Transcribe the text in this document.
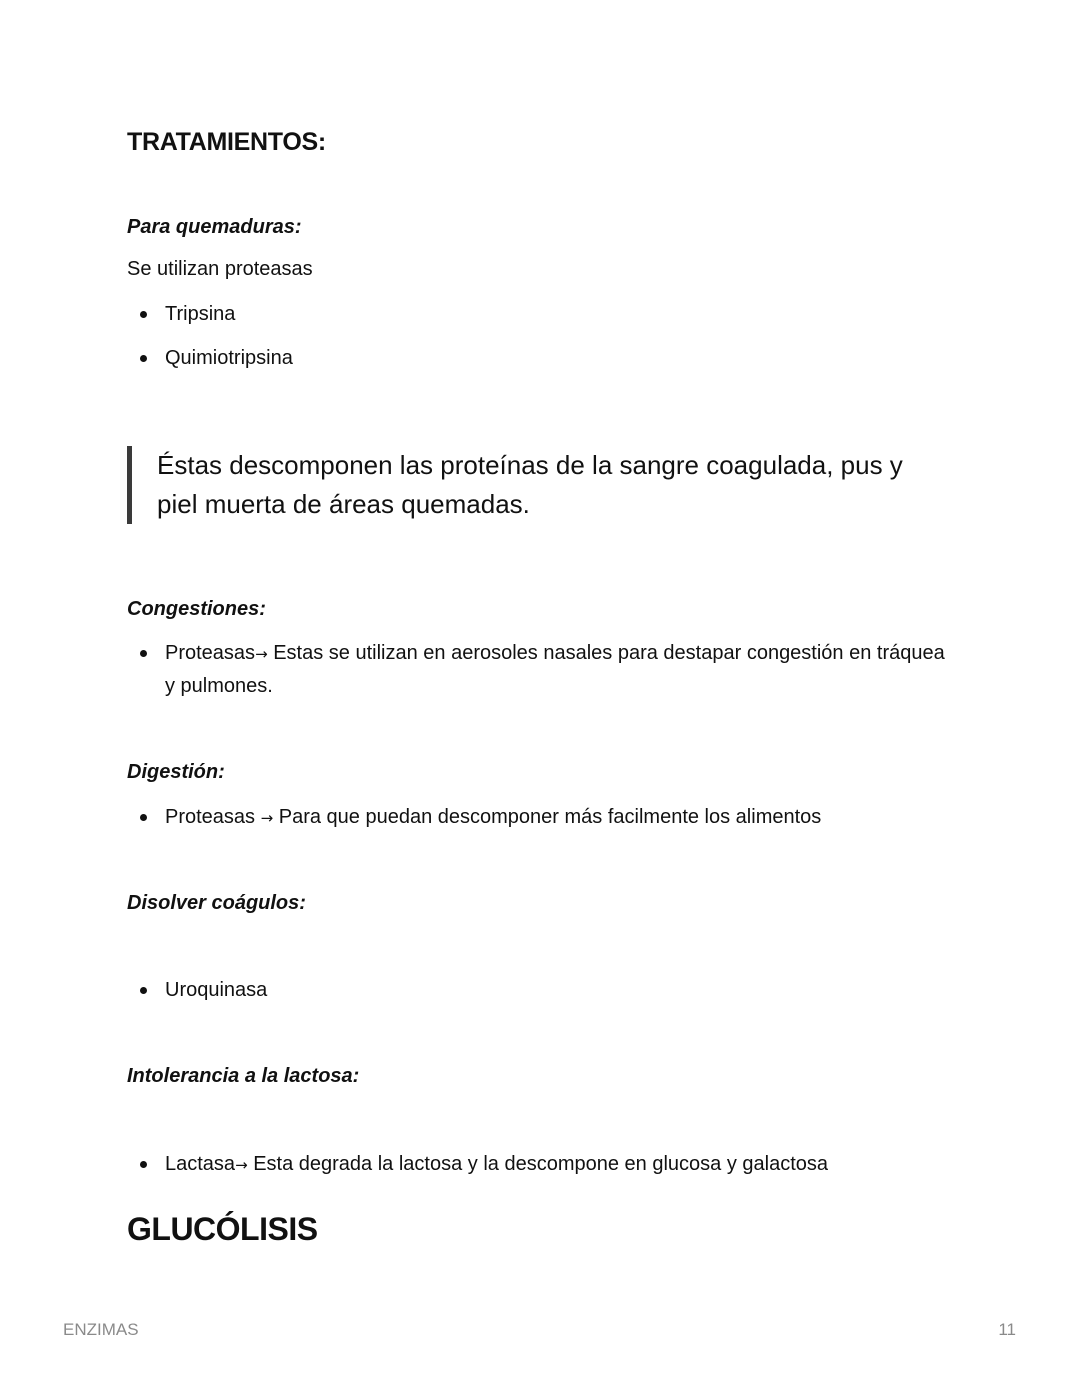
TRATAMIENTOS:

Para quemaduras:

Se utilizan proteasas

Tripsina
Quimiotripsina

Éstas descomponen las proteínas de la sangre coagulada, pus y piel muerta de áreas quemadas.

Congestiones:

Proteasas→ Estas se utilizan en aerosoles nasales para destapar congestión en tráquea y pulmones.

Digestión:

Proteasas → Para que puedan descomponer más facilmente los alimentos

Disolver coágulos:

Uroquinasa

Intolerancia a la lactosa:

Lactasa→ Esta degrada la lactosa y la descompone en glucosa y galactosa
GLUCÓLISIS
ENZIMAS	11
